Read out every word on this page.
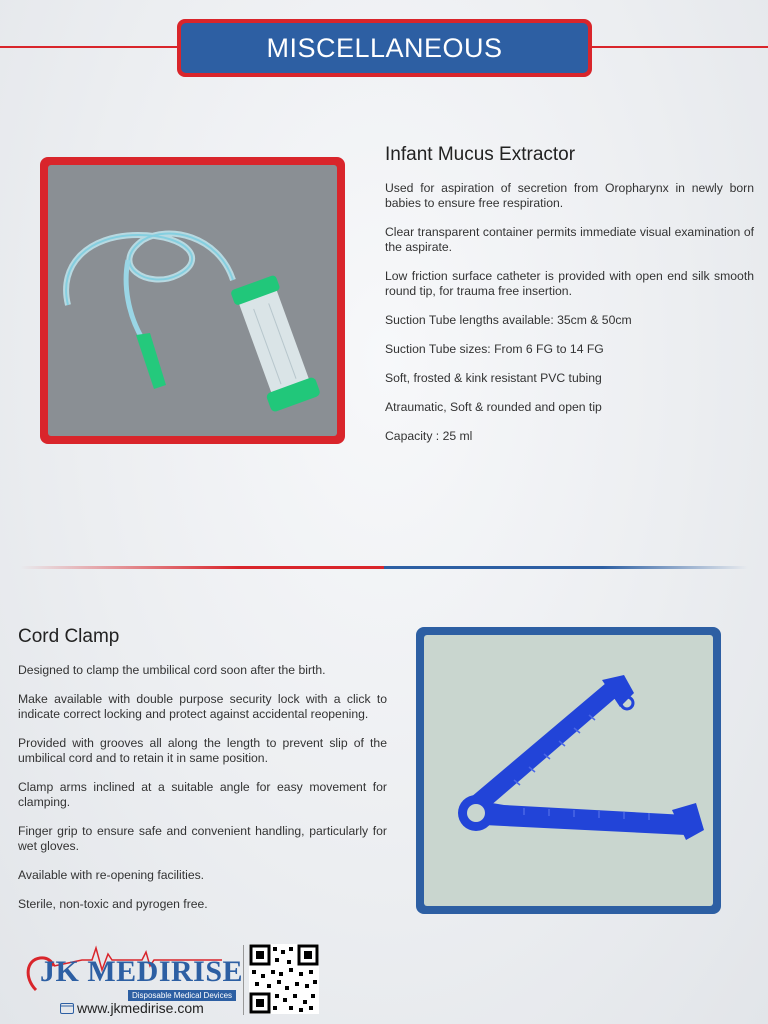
MISCELLANEOUS
Infant Mucus Extractor

Used for aspiration of secretion from Oropharynx in newly born babies to ensure free respiration.

Clear transparent container permits immediate visual examination of the aspirate.

Low friction surface catheter is provided with open end silk smooth round tip, for trauma free insertion.

Suction Tube lengths available: 35cm & 50cm

Suction Tube sizes: From 6 FG to 14 FG

Soft, frosted & kink resistant PVC tubing

Atraumatic, Soft & rounded and open tip

Capacity : 25 ml

Cord Clamp

Designed to clamp the umbilical cord soon after the birth.

Make available with double purpose security lock with a click to indicate correct locking and protect against accidental reopening.

Provided with grooves all along the length to prevent slip of the umbilical cord and to retain it in same position.

Clamp arms inclined at a suitable angle for easy movement for clamping.

Finger grip to ensure safe and convenient handling, particularly for wet gloves.

Available with re-opening facilities.

Sterile, non-toxic and pyrogen free.

JK MEDIRISE
Disposable Medical Devices
www.jkmedirise.com
